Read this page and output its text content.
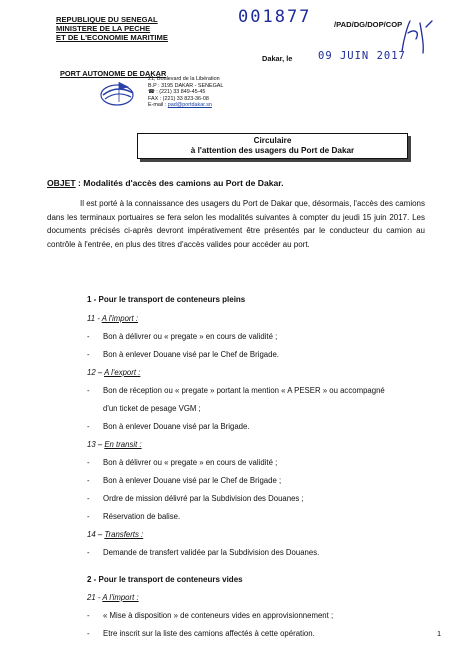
REPUBLIQUE DU SENEGAL
MINISTERE DE LA PECHE
ET DE L'ECONOMIE MARITIME
PORT AUTONOME DE DAKAR
21, Boulevard de la Libération
B.P : 3195 DAKAR - SENEGAL
☎ : (221) 33 849-45-45
FAX : (221) 33 823-36-08
E-mail : pad@portdakar.sn
001877	/PAD/DG/DOP/COP
Dakar, le 09 JUIN 2017
Circulaire
à l'attention des usagers du Port de Dakar
OBJET : Modalités d'accès des camions au Port de Dakar.
Il est porté à la connaissance des usagers du Port de Dakar que, désormais, l'accès des camions dans les terminaux portuaires se fera selon les modalités suivantes à compter du jeudi 15 juin 2017. Les documents précisés ci-après devront impérativement être présentés par le conducteur du camion au contrôle à l'entrée, en plus des titres d'accès valides pour accéder au port.
1 - Pour le transport de conteneurs pleins
11 - A l'import :
- Bon à délivrer ou « pregate » en cours de validité ;
- Bon à enlever Douane visé par le Chef de Brigade.
12 – A l'export :
- Bon de réception ou « pregate » portant la mention « A PESER » ou accompagné
d'un ticket de pesage VGM ;
- Bon à enlever Douane visé par la Brigade.
13 – En transit :
- Bon à délivrer ou « pregate » en cours de validité ;
- Bon à enlever Douane visé par le Chef de Brigade ;
- Ordre de mission délivré par la Subdivision des Douanes ;
- Réservation de balise.
14 – Transferts :
- Demande de transfert validée par la Subdivision des Douanes.
2 - Pour le transport de conteneurs vides
21 - A l'import :
- « Mise à disposition » de conteneurs vides en approvisionnement ;
- Etre inscrit sur la liste des camions affectés à cette opération.	1
